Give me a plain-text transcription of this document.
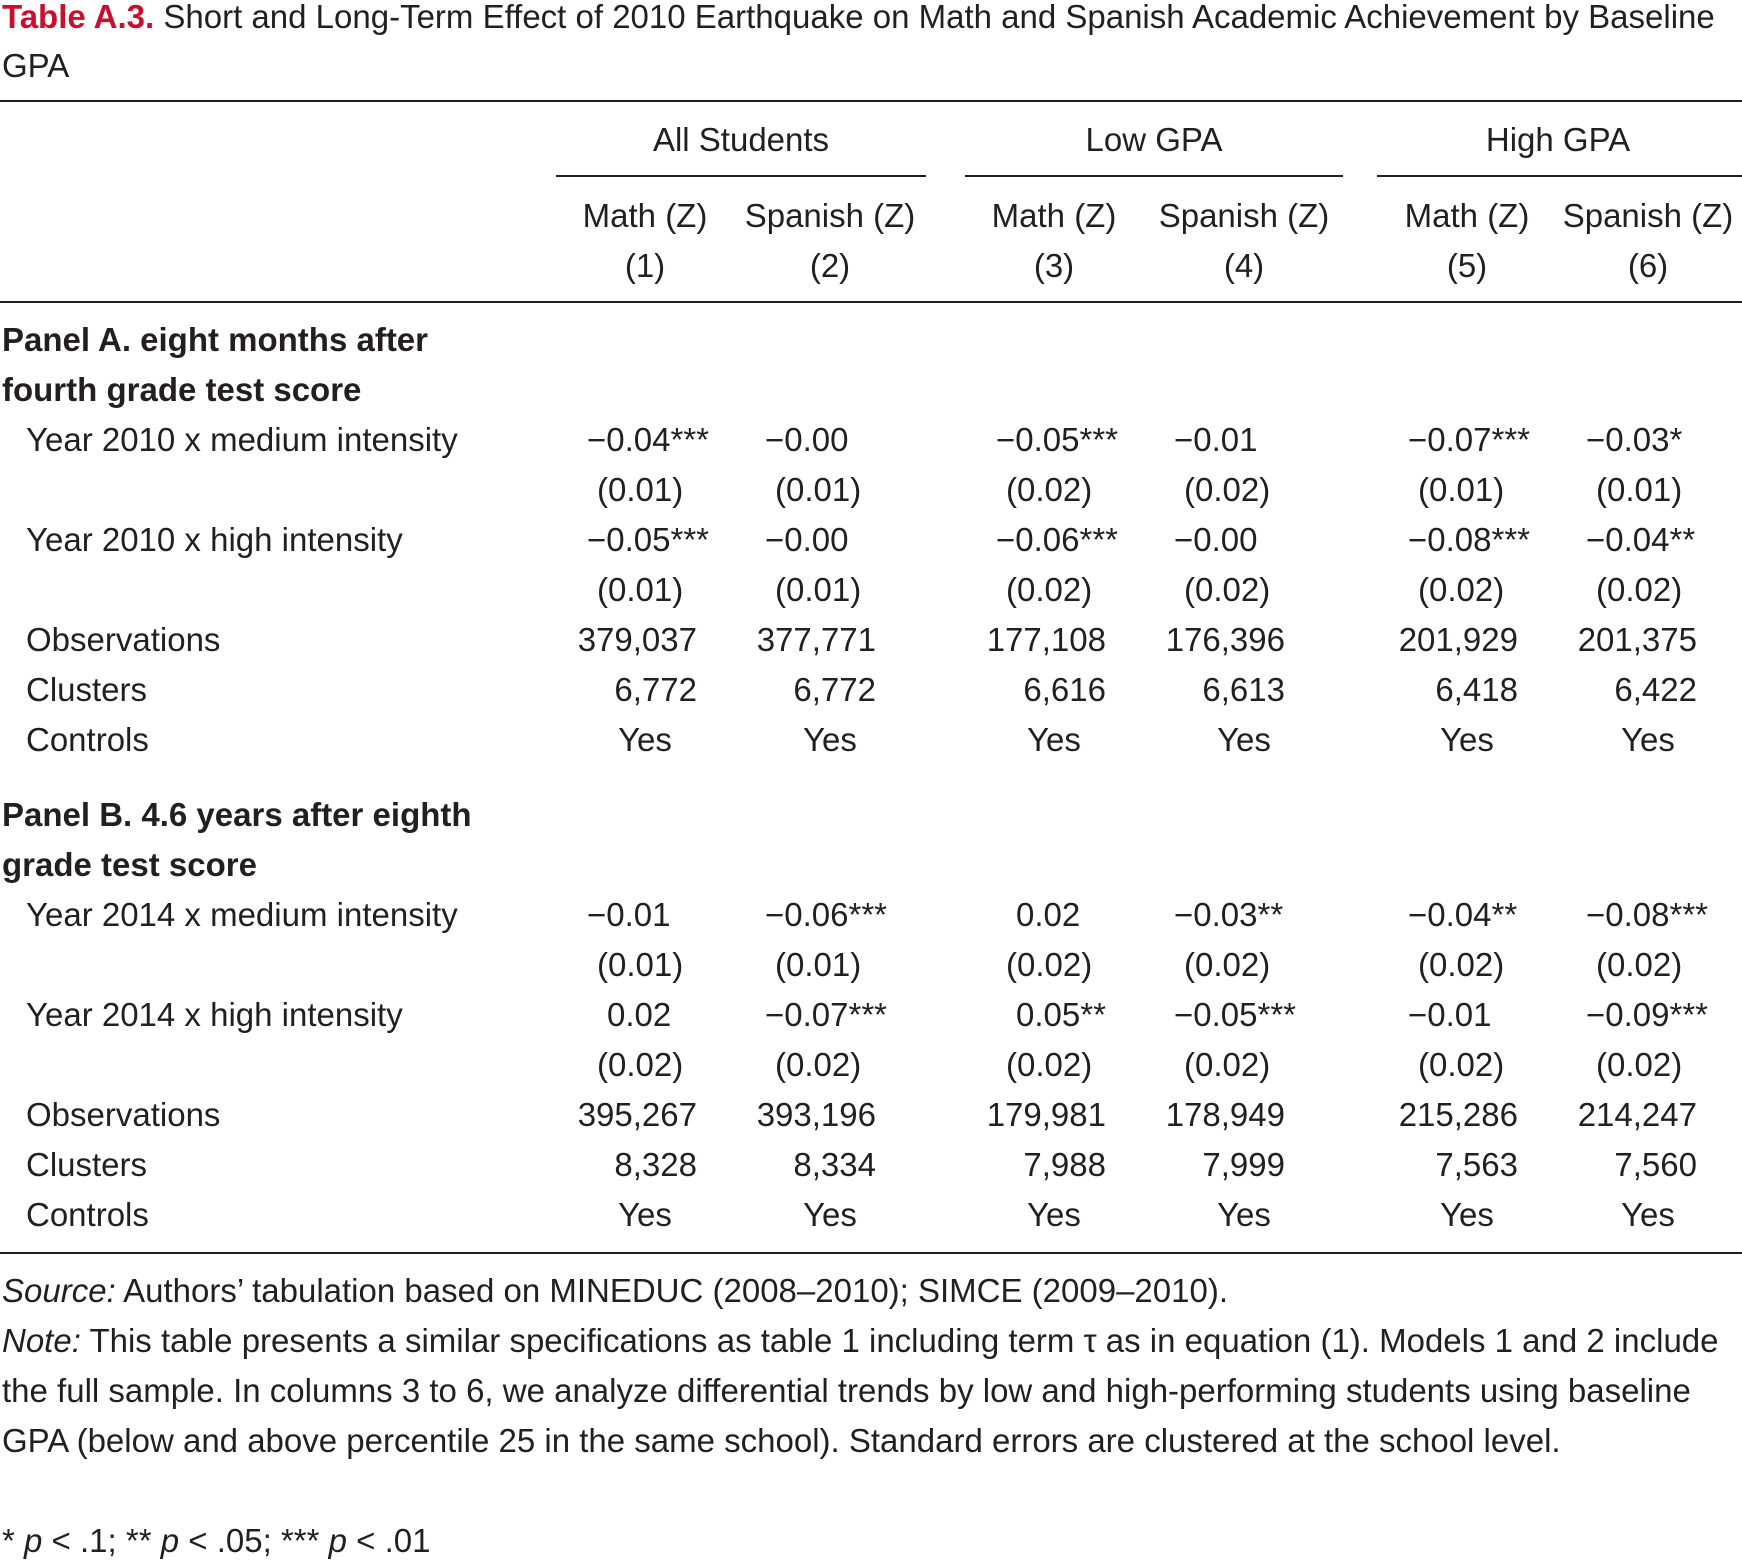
Table A.3. Short and Long-Term Effect of 2010 Earthquake on Math and Spanish Academic Achievement by Baseline GPA
All Students	Low GPA	High GPA
Math (Z) Spanish (Z) Math (Z) Spanish (Z) Math (Z) Spanish (Z)
(1)	(2)	(3)	(4)	(5)	(6)
Panel A. eight months after
fourth grade test score
Year 2010 x medium intensity	−0.04*** −0.00	−0.05*** −0.01	−0.07*** −0.03*
(0.01)	(0.01)	(0.02)	(0.02)	(0.01)	(0.01)
Year 2010 x high intensity	−0.05*** −0.00	−0.06*** −0.00	−0.08*** −0.04**
(0.01)	(0.01)	(0.02)	(0.02)	(0.02)	(0.02)
Observations	379,037 377,771	177,108 176,396	201,929 201,375
Clusters	6,772	6,772	6,616	6,613	6,418	6,422
Controls	Yes	Yes	Yes	Yes	Yes	Yes
Panel B. 4.6 years after eighth
grade test score
Year 2014 x medium intensity	−0.01	−0.06***	0.02	−0.03**	−0.04** −0.08***
(0.01)	(0.01)	(0.02)	(0.02)	(0.02)	(0.02)
Year 2014 x high intensity	0.02	−0.07***	0.05** −0.05***	−0.01	−0.09***
(0.02)	(0.02)	(0.02)	(0.02)	(0.02)	(0.02)
Observations	395,267 393,196	179,981 178,949	215,286 214,247
Clusters	8,328	8,334	7,988	7,999	7,563	7,560
Controls	Yes	Yes	Yes	Yes	Yes	Yes
Source: Authors’ tabulation based on MINEDUC (2008–2010); SIMCE (2009–2010).
Note: This table presents a similar specifications as table 1 including term τ as in equation (1). Models 1 and 2 include the full sample. In columns 3 to 6, we analyze differential trends by low and high-performing students using baseline GPA (below and above percentile 25 in the same school). Standard errors are clustered at the school level.
* p < .1; ** p < .05; *** p < .01
